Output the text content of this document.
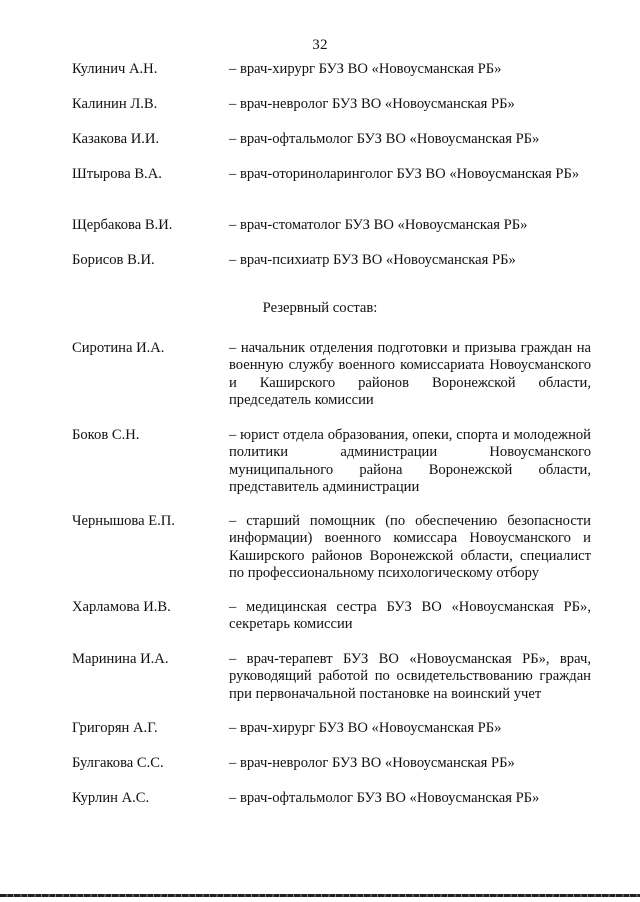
32
Кулинич А.Н.	– врач-хирург БУЗ ВО «Новоусманская РБ»
Калинин Л.В.	– врач-невролог БУЗ ВО «Новоусманская РБ»
Казакова И.И.	– врач-офтальмолог БУЗ ВО «Новоусманская РБ»
Штырова В.А.	– врач-оториноларинголог БУЗ ВО «Новоусманская РБ»
Щербакова В.И.	– врач-стоматолог БУЗ ВО «Новоусманская РБ»
Борисов В.И.	– врач-психиатр БУЗ ВО «Новоусманская РБ»
Резервный состав:
Сиротина И.А.	– начальник отделения подготовки и призыва граждан на военную службу военного комиссариата Новоусманского и Каширского районов Воронежской области, председатель комиссии
Боков С.Н.	– юрист отдела образования, опеки, спорта и молодежной политики администрации Новоусманского муниципального района Воронежской области, представитель администрации
Чернышова Е.П.	– старший помощник (по обеспечению безопасности информации) военного комиссара Новоусманского и Каширского районов Воронежской области, специалист по профессиональному психологическому отбору
Харламова И.В.	– медицинская сестра БУЗ ВО «Новоусманская РБ», секретарь комиссии
Маринина И.А.	– врач-терапевт БУЗ ВО «Новоусманская РБ», врач, руководящий работой по освидетельствованию граждан при первоначальной постановке на воинский учет
Григорян А.Г.	– врач-хирург БУЗ ВО «Новоусманская РБ»
Булгакова С.С.	– врач-невролог БУЗ ВО «Новоусманская РБ»
Курлин А.С.	– врач-офтальмолог БУЗ ВО «Новоусманская РБ»
